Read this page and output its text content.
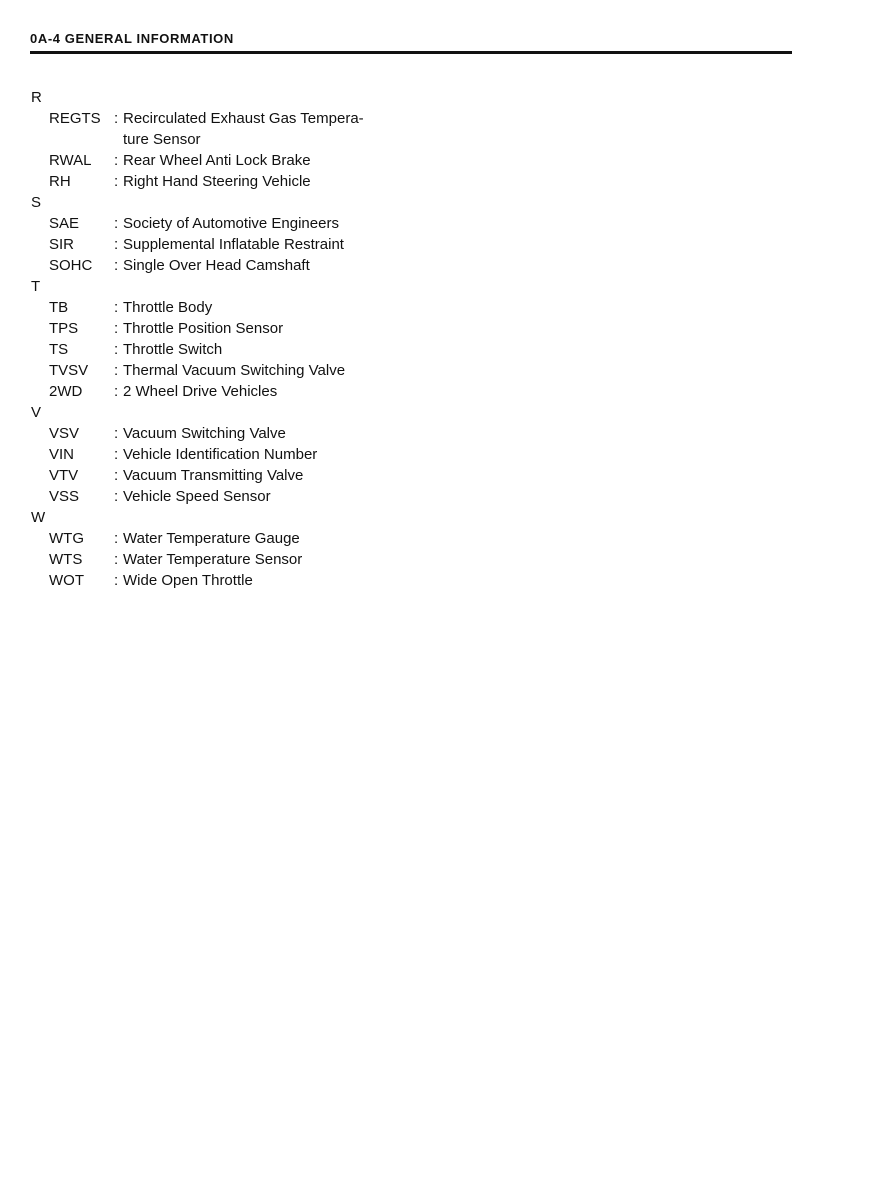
0A-4 GENERAL INFORMATION
R
REGTS : Recirculated Exhaust Gas Tempera-
ture Sensor
RWAL : Rear Wheel Anti Lock Brake
RH	: Right Hand Steering Vehicle
S
SAE : Society of Automotive Engineers
SIR	: Supplemental Inflatable Restraint
SOHC : Single Over Head Camshaft
T
TB	: Throttle Body
TPS : Throttle Position Sensor
TS	: Throttle Switch
TVSV : Thermal Vacuum Switching Valve
2WD : 2 Wheel Drive Vehicles
V
VSV : Vacuum Switching Valve
VIN	: Vehicle Identification Number
VTV : Vacuum Transmitting Valve
VSS : Vehicle Speed Sensor
W
WTG : Water Temperature Gauge
WTS : Water Temperature Sensor
WOT : Wide Open Throttle
